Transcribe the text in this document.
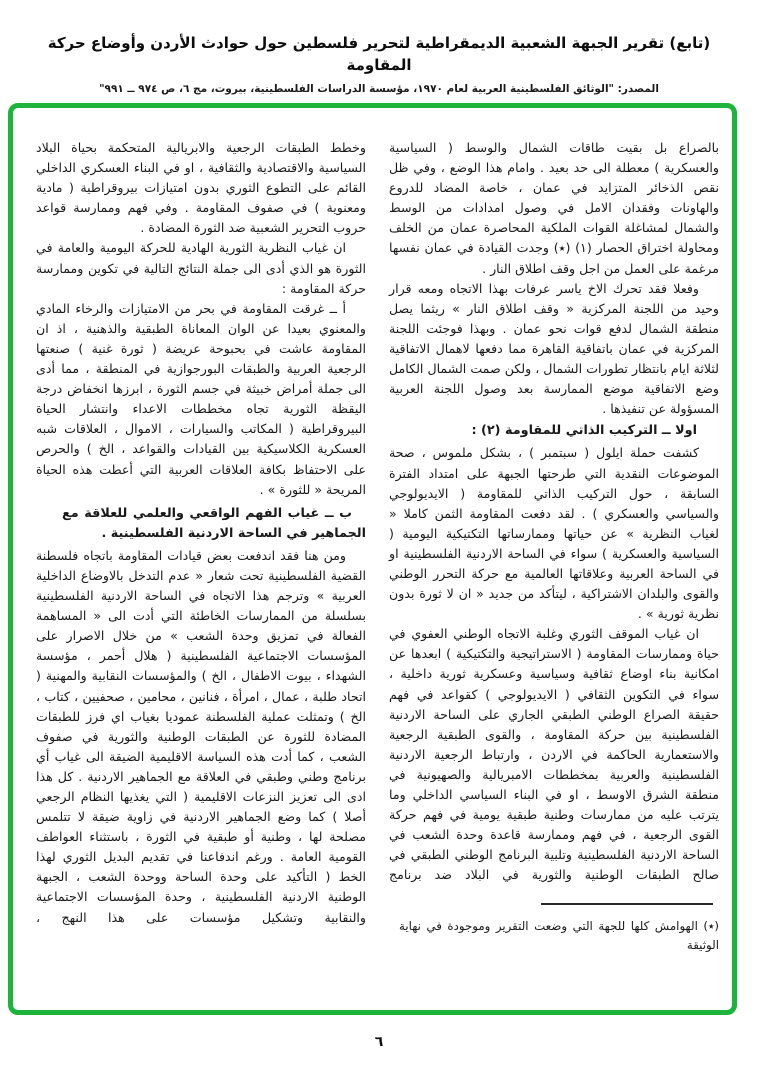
(تابع) تقرير الجبهة الشعبية الديمقراطية لتحرير فلسطين حول حوادث الأردن وأوضاع حركة المقاومة
المصدر: "الوثائق الفلسطينية العربية لعام ١٩٧٠، مؤسسة الدراسات الفلسطينية، بيروت، مج ٦، ص ٩٧٤ ــ ٩٩١"

بالصراع بل بقيت طاقات الشمال والوسط ( السياسية والعسكرية ) معطلة الى حد بعيد . وامام هذا الوضع ، وفي ظل نقص الذخائر المتزايد في عمان ، خاصة المضاد للدروع والهاونات وفقدان الامل في وصول امدادات من الوسط والشمال لمشاغلة القوات الملكية المحاصرة عمان من الخلف ومحاولة اختراق الحصار (١) (٭) وجدت القيادة في عمان نفسها مرغمة على العمل من اجل وقف اطلاق النار .

وفعلا فقد تحرك الاخ ياسر عرفات بهذا الاتجاه ومعه قرار وحيد من اللجنة المركزية « وقف اطلاق النار » ريثما يصل منطقة الشمال لدفع قوات نحو عمان . وبهذا فوجئت اللجنة المركزية في عمان باتفاقية القاهرة مما دفعها لاهمال الاتفاقية لثلاثة ايام بانتظار تطورات الشمال ، ولكن صمت الشمال الكامل وضع الاتفاقية موضع الممارسة بعد وصول اللجنة العربية المسؤولة عن تنفيذها .

اولا ــ التركيب الذاتي للمقاومة (٢) :

كشفت حملة ايلول ( سبتمبر ) ، بشكل ملموس ، صحة الموضوعات النقدية التي طرحتها الجبهة على امتداد الفترة السابقة ، حول التركيب الذاتي للمقاومة ( الايديولوجي والسياسي والعسكري ) . لقد دفعت المقاومة الثمن كاملا « لغياب النظرية » عن حياتها وممارساتها التكتيكية اليومية ( السياسية والعسكرية ) سواء في الساحة الاردنية الفلسطينية او في الساحة العربية وعلاقاتها العالمية مع حركة التحرر الوطني والقوى والبلدان الاشتراكية ، ليتأكد من جديد « ان لا ثورة بدون نظرية ثورية » .

ان غياب الموقف الثوري وغلبة الاتجاه الوطني العفوي في حياة وممارسات المقاومة ( الاستراتيجية والتكتيكية ) ابعدها عن امكانية بناء اوضاع ثقافية وسياسية وعسكرية ثورية داخلية ، سواء في التكوين الثقافي ( الايديولوجي ) كقواعد في فهم حقيقة الصراع الوطني الطبقي الجاري على الساحة الاردنية الفلسطينية بين حركة المقاومة ، والقوى الطبقية الرجعية والاستعمارية الحاكمة في الاردن ، وارتباط الرجعية الاردنية الفلسطينية والعربية بمخططات الامبريالية والصهيونية في منطقة الشرق الاوسط ، او في البناء السياسي الداخلي وما يترتب عليه من ممارسات وطنية طبقية يومية في فهم حركة القوى الرجعية ، في فهم وممارسة قاعدة وحدة الشعب في الساحة الاردنية الفلسطينية وتلبية البرنامج الوطني الطبقي في صالح الطبقات الوطنية والثورية في البلاد ضد برنامج

(٭) الهوامش كلها للجهة التي وضعت التقرير وموجودة في نهاية الوثيقة

وخطط الطبقات الرجعية والابريالية المتحكمة بحياة البلاد السياسية والاقتصادية والثقافية ، او في البناء العسكري الداخلي القائم على التطوع الثوري بدون امتيازات بيروقراطية ( مادية ومعنوية ) في صفوف المقاومة . وفي فهم وممارسة قواعد حروب التحرير الشعبية ضد الثورة المضادة .

ان غياب النظرية الثورية الهادية للحركة اليومية والعامة في الثورة هو الذي أدى الى جملة النتائج التالية في تكوين وممارسة حركة المقاومة :

أ ــ غرقت المقاومة في بحر من الامتيازات والرخاء المادي والمعنوي بعيدا عن الوان المعاناة الطبقية والذهنية ، اذ ان المقاومة عاشت في بحبوحة عريضة ( ثورة غنية ) صنعتها الرجعية العربية والطبقات البورجوازية في المنطقة ، مما أدى الى جملة أمراض خبيثة في جسم الثورة ، ابرزها انخفاض درجة اليقظة الثورية تجاه مخططات الاعداء وانتشار الحياة البيروقراطية ( المكاتب والسيارات ، الاموال ، العلاقات شبه العسكرية الكلاسيكية بين القيادات والقواعد ، الخ ) والحرص على الاحتفاظ بكافة العلاقات العربية التي أعطت هذه الحياة المريحة « للثورة » .

ب ــ غياب الفهم الواقعي والعلمي للعلاقة مع الجماهير في الساحة الاردنية الفلسطينية .

ومن هنا فقد اندفعت بعض قيادات المقاومة باتجاه فلسطنة القضية الفلسطينية تحت شعار « عدم التدخل بالاوضاع الداخلية العربية » وترجم هذا الاتجاه في الساحة الاردنية الفلسطينية بسلسلة من الممارسات الخاطئة التي أدت الى « المساهمة الفعالة في تمزيق وحدة الشعب » من خلال الاصرار على المؤسسات الاجتماعية الفلسطينية ( هلال أحمر ، مؤسسة الشهداء ، بيوت الاطفال ، الخ ) والمؤسسات النقابية والمهنية ( اتحاد طلبة ، عمال ، امرأة ، فنانين ، محامين ، صحفيين ، كتاب ، الخ ) وتمثلت عملية الفلسطنة عموديا بغياب اي فرز للطبقات المضادة للثورة عن الطبقات الوطنية والثورية في صفوف الشعب ، كما أدت هذه السياسة الاقليمية الضيقة الى غياب أي برنامج وطني وطبقي في العلاقة مع الجماهير الاردنية . كل هذا ادى الى تعزيز النزعات الاقليمية ( التي يغذيها النظام الرجعي أصلا ) كما وضع الجماهير الاردنية في زاوية ضيقة لا تتلمس مصلحة لها ، وطنية أو طبقية في الثورة ، باستثناء العواطف القومية العامة . ورغم اندفاعنا في تقديم البديل الثوري لهذا الخط ( التأكيد على وحدة الساحة ووحدة الشعب ، الجبهة الوطنية الاردنية الفلسطينية ، وحدة المؤسسات الاجتماعية والنقابية وتشكيل مؤسسات على هذا النهج ،

٦
